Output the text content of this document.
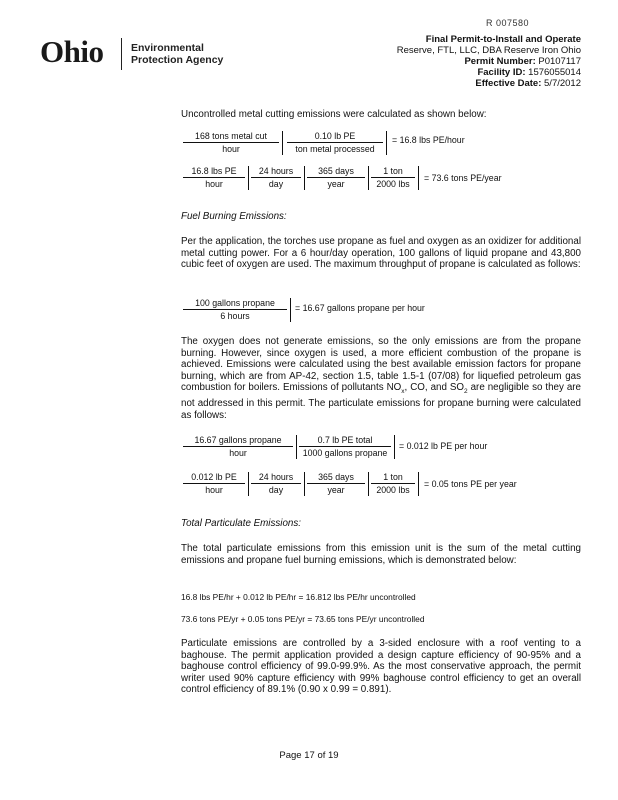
R 007580
Ohio	Environmental
Protection Agency
Final Permit-to-Install and Operate
Reserve, FTL, LLC, DBA Reserve Iron Ohio
Permit Number: P0107117
Facility ID: 1576055014
Effective Date: 5/7/2012
Uncontrolled metal cutting emissions were calculated as shown below:
168 tons metal cut
hour
0.10 lb PE
ton metal processed
= 16.8 lbs PE/hour
16.8 lbs PE
hour
24 hours
day
365 days
year
1 ton
2000 lbs
= 73.6 tons PE/year
Fuel Burning Emissions:
Per the application, the torches use propane as fuel and oxygen as an oxidizer for additional metal cutting power. For a 6 hour/day operation, 100 gallons of liquid propane and 43,800 cubic feet of oxygen are used. The maximum throughput of propane is calculated as follows:
100 gallons propane
6 hours
= 16.67 gallons propane per hour
The oxygen does not generate emissions, so the only emissions are from the propane burning. However, since oxygen is used, a more efficient combustion of the propane is achieved. Emissions were calculated using the best available emission factors for propane burning, which are from AP-42, section 1.5, table 1.5-1 (07/08) for liquefied petroleum gas combustion for boilers. Emissions of pollutants $NO_x$, CO, and $SO_2$ are negligible so they are not addressed in this permit. The particulate emissions for propane burning were calculated as follows:
16.67 gallons propane
hour
0.7 lb PE total
1000 gallons propane
= 0.012 lb PE per hour
0.012 lb PE
hour
24 hours
day
365 days
year
1 ton
2000 lbs
= 0.05 tons PE per year
Total Particulate Emissions:
The total particulate emissions from this emission unit is the sum of the metal cutting emissions and propane fuel burning emissions, which is demonstrated below:
16.8 lbs PE/hr + 0.012 lb PE/hr = 16.812 lbs PE/hr uncontrolled
73.6 tons PE/yr + 0.05 tons PE/yr = 73.65 tons PE/yr uncontrolled
Particulate emissions are controlled by a 3-sided enclosure with a roof venting to a baghouse. The permit application provided a design capture efficiency of 90-95% and a baghouse control efficiency of 99.0-99.9%. As the most conservative approach, the permit writer used 90% capture efficiency with 99% baghouse control efficiency to get an overall control efficiency of 89.1% (0.90 x 0.99 = 0.891).
Page 17 of 19
